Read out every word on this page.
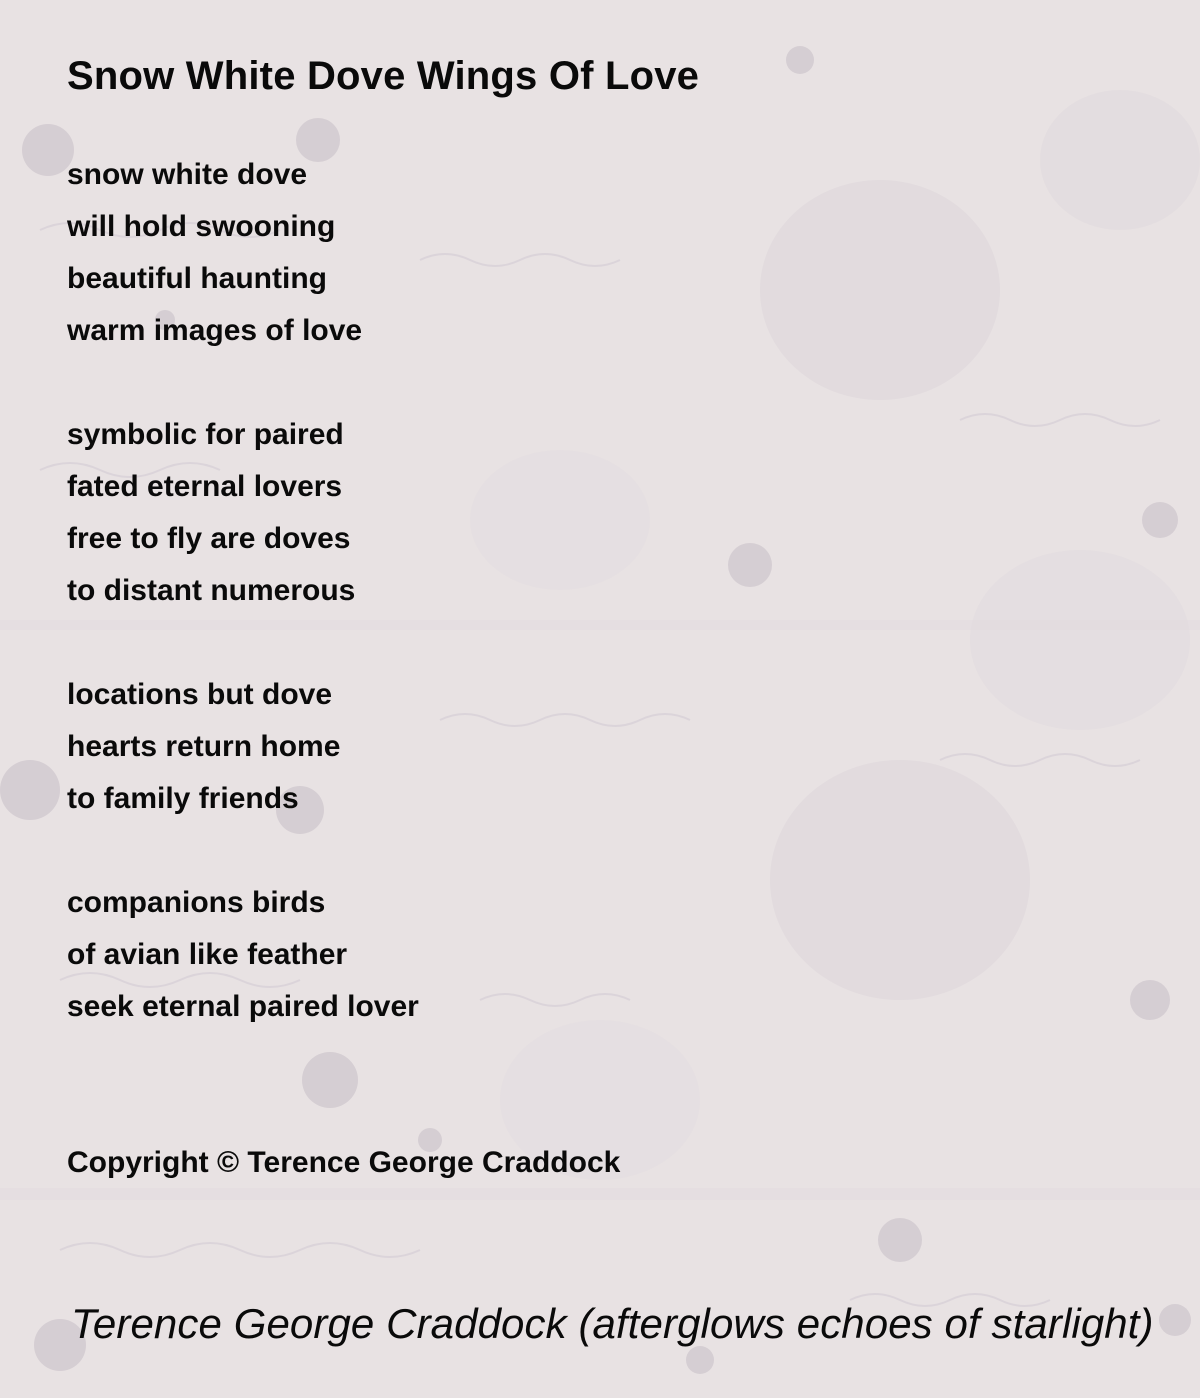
Snow White Dove Wings Of Love
snow white dove
will hold swooning
beautiful haunting
warm images of love
symbolic for paired
fated eternal lovers
free to fly are doves
to distant numerous
locations but dove
hearts return home
to family friends
companions birds
of avian like feather
seek eternal paired lover
Copyright © Terence George Craddock
Terence George Craddock (afterglows echoes of starlight)
